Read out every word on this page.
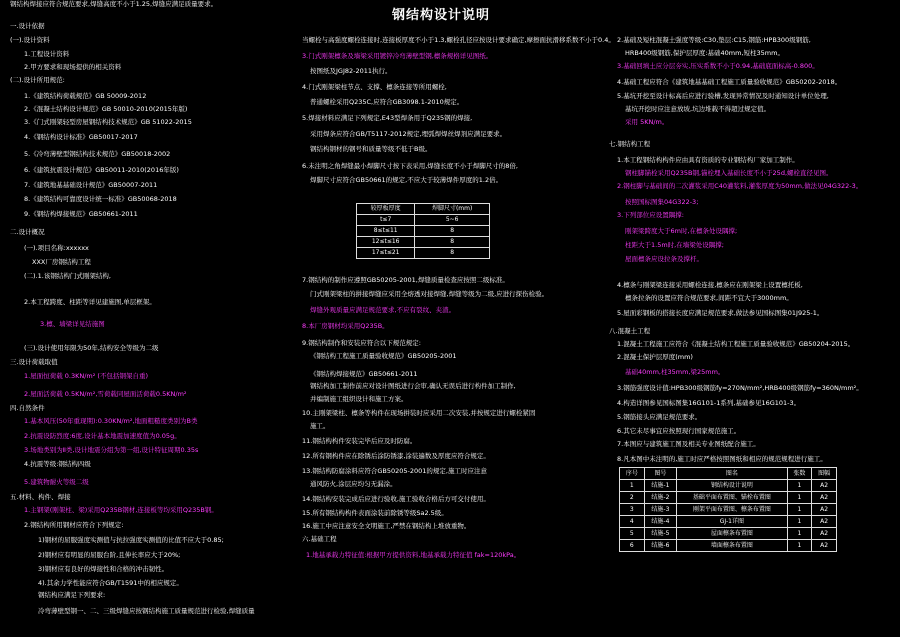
钢结构设计说明
较厚板厚度	焊脚尺寸(mm)
t≤7	5~6
8≤t≤11	8
12≤t≤16	8
17≤t≤21	8
序号	图号	图名	张数	图幅
1	结施-1	钢结构设计说明	1	A2
2	结施-2	基础平面布置图、锚栓布置图	1	A2
3	结施-3	刚架平面布置图、檩条布置图	1	A2
4	结施-4	GJ-1详图	1	A2
5	结施-5	屋面檩条布置图	1	A2
6	结施-6	墙面檩条布置图	1	A2
一.设计依据
(一).设计资料
1.工程设计资料
2.甲方要求和现场提供的相关资料
(二).设计所用规范:
1.《建筑结构荷载规范》GB 50009-2012
2.《混凝土结构设计规范》GB 50010-2010(2015年版)
3.《门式刚架轻型房屋钢结构技术规范》GB 51022-2015
4.《钢结构设计标准》GB50017-2017
5.《冷弯薄壁型钢结构技术规范》GB50018-2002
6.《建筑抗震设计规范》GB50011-2010(2016年版)
7.《建筑地基基础设计规范》GB50007-2011
8.《建筑结构可靠度设计统一标准》GB50068-2018
9.《钢结构焊接规范》GB50661-2011
二.设计概况
(一).项目名称:xxxxxx
XXX厂房钢结构工程
(二).1.该钢结构门式刚架结构,
2.本工程跨度、柱距等详见建施图,单层框架。
3.檩、墙梁详见结施图
(三).设计使用年限为50年,结构安全等级为二级
三.设计荷载取值
1.屋面恒荷载 0.3KN/m² (不包括钢架自重)
2.屋面活荷载 0.5KN/m²,雪荷载同屋面活荷载0.5KN/m²
四.自然条件
1.基本风压(50年重现期):0.30KN/m²,地面粗糙度类别为B类
2.抗震设防烈度:6度,设计基本地震加速度值为0.05g。
3.场地类别为Ⅱ类,设计地震分组为第一组,设计特征周期0.35s
4.抗震等级:钢结构四级
5.建筑物耐火等级二级
五.材料、构件、焊接
1.主钢架(刚架柱、梁)采用Q235B钢材,连接板等均采用Q235B钢。
2.钢结构所用钢材应符合下列规定:
1)钢材的屈服强度实测值与抗拉强度实测值的比值不应大于0.85;
2)钢材应有明显的屈服台阶,且伸长率应大于20%;
3)钢材应有良好的焊接性和合格的冲击韧性。
4).其余力学性能应符合GB/T1591中的相应规定。
钢结构应满足下列要求:
冷弯薄壁型钢一、二、三级焊缝应按钢结构施工质量规范进行检验,焊缝质量
钢结构焊接应符合规范要求,焊缝高度不小于1.25,焊缝应满足质量要求。
当螺栓与高强度螺栓连接时,连接板厚度不小于1.3,螺栓孔径应按设计要求确定,摩擦面抗滑移系数不小于0.4。
3.门式刚架檩条及墙梁采用镀锌冷弯薄壁型钢,檩条规格详见图纸。
按图纸及JGJ82-2011执行。
4.门式刚架梁柱节点、支撑、檩条连接等所用螺栓,
普通螺栓采用Q235C,应符合GB3098.1-2010规定。
5.焊接材料应满足下列规定,E43型焊条用于Q235钢的焊接,
采用焊条应符合GB/T5117-2012规定,埋弧焊焊丝焊剂应满足要求。
钢结构钢材的钢号和质量等级不低于B级。
6.未注明之角焊缝最小焊脚尺寸按下表采用,焊缝长度不小于焊脚尺寸的8倍,
焊脚尺寸应符合GB50661的规定,不应大于较薄焊件厚度的1.2倍。
7.钢结构的制作应遵照GB50205-2001,焊缝质量检查应按照二级标准。
门式刚架梁柱的拼接焊缝应采用全熔透对接焊缝,焊缝等级为二级,应进行探伤检验。
焊缝外观质量应满足规范要求,不应有裂纹、夹渣。
8.本厂房钢材均采用Q235B。
9.钢结构制作和安装应符合以下规范规定:
《钢结构工程施工质量验收规范》GB50205-2001
《钢结构焊接规范》GB50661-2011
钢结构加工制作前应对设计图纸进行会审,确认无误后进行构件加工制作,
并编制施工组织设计和施工方案。
10.主刚架梁柱、檩条等构件在现场拼装时应采用二次安装,并按规定进行螺栓紧固
施工。
11.钢结构构件安装完毕后应及时防腐。
12.所有钢构件应在除锈后涂防锈漆,涂装遍数及厚度应符合规定。
13.钢结构防腐涂料应符合GB50205-2001的规定,施工时应注意
通风防火,涂层应均匀无漏涂。
14.钢结构安装完成后应进行验收,施工验收合格后方可交付使用。
15.所有钢结构构件表面涂装前除锈等级Sa2.5级。
16.施工中应注意安全文明施工,严禁在钢结构上堆放重物。
六.基础工程
1.地基承载力特征值:根据甲方提供资料,地基承载力特征值 fak=120kPa。
2.基础及短柱混凝土强度等级:C30,垫层:C15,钢筋:HPB300级钢筋,
HRB400级钢筋,保护层厚度:基础40mm,短柱35mm。
3.基础回填土应分层夯实,压实系数不小于0.94,基础底面标高-0.800。
4.基础工程应符合《建筑地基基础工程施工质量验收规范》GB50202-2018。
5.基坑开挖至设计标高后应进行验槽,发现异常情况及时通知设计单位处理,
基坑开挖时应注意放坡,坑边堆载不得超过规定值。
采用 5KN/m。
七.钢结构工程
1.本工程钢结构构件应由具有资质的专业钢结构厂家加工制作。
钢柱脚锚栓采用Q235B钢,锚栓埋入基础长度不小于25d,螺栓直径见图。
2.钢柱脚与基础间的二次灌浆采用C40灌浆料,灌浆厚度为50mm,做法见04G322-3。
按照国标图集04G322-3;
3.下列部位应设置隅撑:
刚架梁跨度大于6m时,在檩条处设隅撑;
柱距大于1.5m时,在墙梁处设隅撑;
屋面檩条应设拉条及撑杆。
4.檩条与刚架梁连接采用螺栓连接,檩条应在刚架梁上设置檩托板,
檩条拉条的设置应符合规范要求,间距不宜大于3000mm。
5.屋面彩钢板的搭接长度应满足规范要求,做法参见国标图集01J925-1。
八.混凝土工程
1.混凝土工程施工应符合《混凝土结构工程施工质量验收规范》GB50204-2015。
2.混凝土保护层厚度(mm)
基础40mm,柱35mm,梁25mm。
3.钢筋强度设计值:HPB300级钢筋fy=270N/mm²,HRB400级钢筋fy=360N/mm²。
4.构造详图参见国标图集16G101-1系列,基础参见16G101-3。
5.钢筋接头应满足规范要求。
6.其它未尽事宜应按照现行国家规范施工。
7.本图应与建筑施工图及相关专业图纸配合施工。
8.凡本图中未注明的,施工时应严格按照图纸和相应的规范规程进行施工。
